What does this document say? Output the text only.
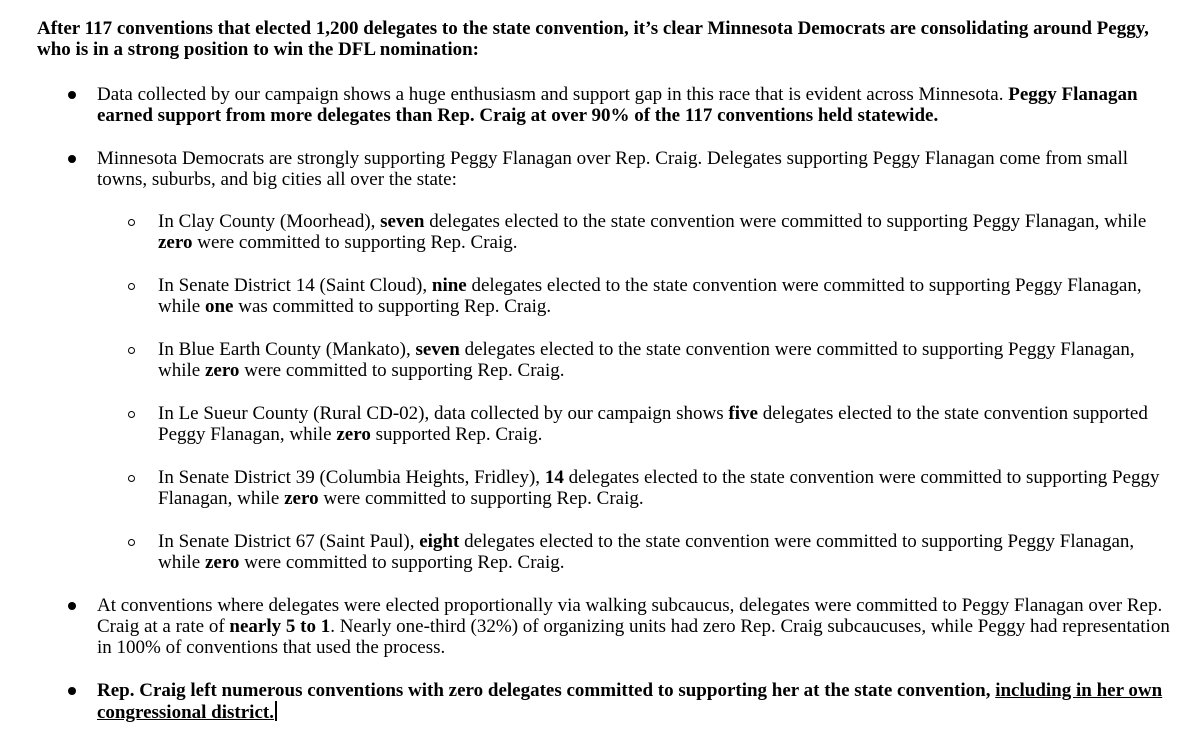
After 117 conventions that elected 1,200 delegates to the state convention, it’s clear Minnesota Democrats are consolidating around Peggy, who is in a strong position to win the DFL nomination:

Data collected by our campaign shows a huge enthusiasm and support gap in this race that is evident across Minnesota. Peggy Flanagan earned support from more delegates than Rep. Craig at over 90% of the 117 conventions held statewide.
Minnesota Democrats are strongly supporting Peggy Flanagan over Rep. Craig. Delegates supporting Peggy Flanagan come from small towns, suburbs, and big cities all over the state:
In Clay County (Moorhead), seven delegates elected to the state convention were committed to supporting Peggy Flanagan, while zero were committed to supporting Rep. Craig.
In Senate District 14 (Saint Cloud), nine delegates elected to the state convention were committed to supporting Peggy Flanagan, while one was committed to supporting Rep. Craig.
In Blue Earth County (Mankato), seven delegates elected to the state convention were committed to supporting Peggy Flanagan, while zero were committed to supporting Rep. Craig.
In Le Sueur County (Rural CD-02), data collected by our campaign shows five delegates elected to the state convention supported Peggy Flanagan, while zero supported Rep. Craig.
In Senate District 39 (Columbia Heights, Fridley), 14 delegates elected to the state convention were committed to supporting Peggy Flanagan, while zero were committed to supporting Rep. Craig.
In Senate District 67 (Saint Paul), eight delegates elected to the state convention were committed to supporting Peggy Flanagan, while zero were committed to supporting Rep. Craig.
At conventions where delegates were elected proportionally via walking subcaucus, delegates were committed to Peggy Flanagan over Rep. Craig at a rate of nearly 5 to 1. Nearly one-third (32%) of organizing units had zero Rep. Craig subcaucuses, while Peggy had representation in 100% of conventions that used the process.
Rep. Craig left numerous conventions with zero delegates committed to supporting her at the state convention, including in her own congressional district.
